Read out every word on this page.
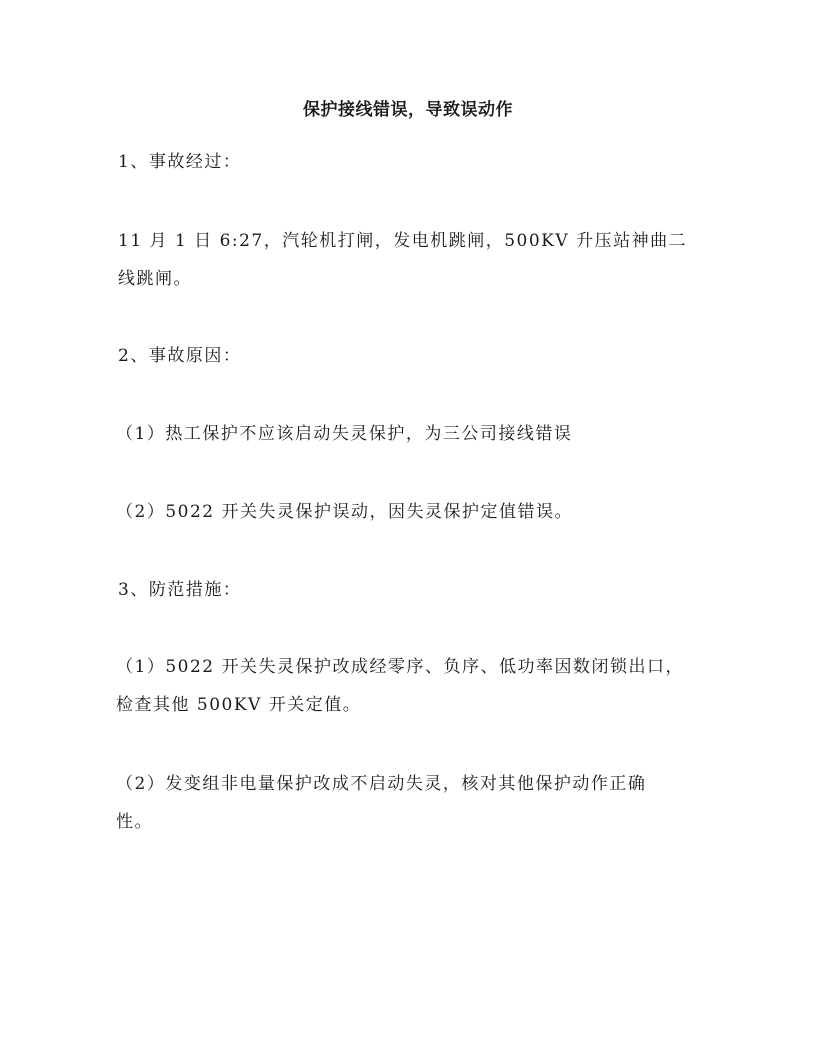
保护接线错误，导致误动作

1、事故经过：

11 月 1 日 6:27，汽轮机打闸，发电机跳闸，500KV 升压站神曲二
线跳闸。

2、事故原因：

（1）热工保护不应该启动失灵保护，为三公司接线错误

（2）5022 开关失灵保护误动，因失灵保护定值错误。

3、防范措施：

（1）5022 开关失灵保护改成经零序、负序、低功率因数闭锁出口，
检查其他 500KV 开关定值。

（2）发变组非电量保护改成不启动失灵，核对其他保护动作正确
性。
